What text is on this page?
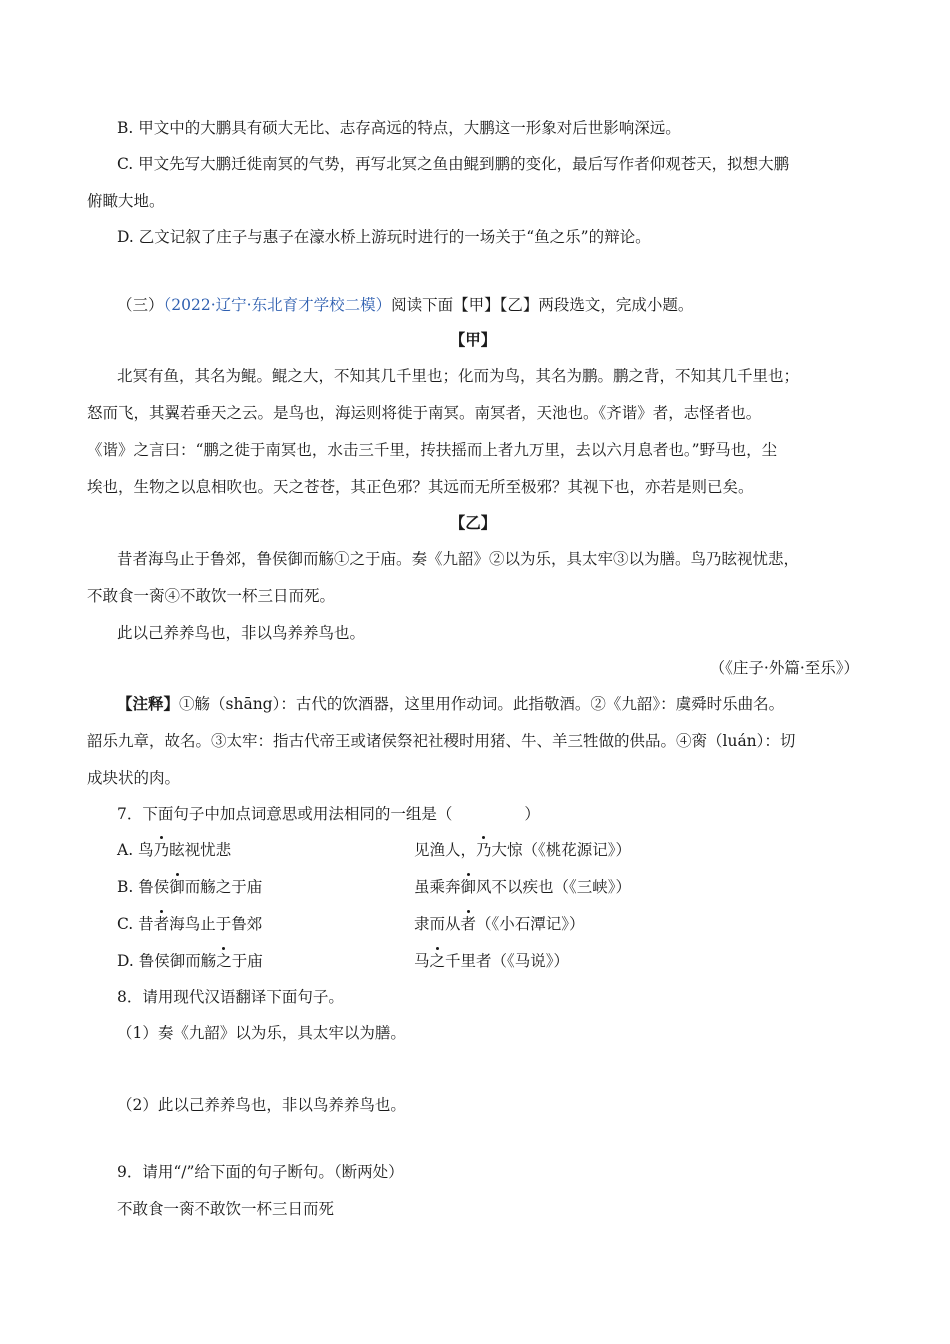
B. 甲文中的大鹏具有硕大无比、志存高远的特点，大鹏这一形象对后世影响深远。
C. 甲文先写大鹏迁徙南冥的气势，再写北冥之鱼由鲲到鹏的变化，最后写作者仰观苍天，拟想大鹏
俯瞰大地。
D. 乙文记叙了庄子与惠子在濠水桥上游玩时进行的一场关于“鱼之乐”的辩论。
（三）（2022·辽宁·东北育才学校二模）阅读下面【甲】【乙】两段选文，完成小题。
【甲】
北冥有鱼，其名为鲲。鲲之大，不知其几千里也；化而为鸟，其名为鹏。鹏之背，不知其几千里也；
怒而飞，其翼若垂天之云。是鸟也，海运则将徙于南冥。南冥者，天池也。《齐谐》者，志怪者也。
《谐》之言曰：“鹏之徙于南冥也，水击三千里，抟扶摇而上者九万里，去以六月息者也。”野马也，尘
埃也，生物之以息相吹也。天之苍苍，其正色邪？其远而无所至极邪？其视下也，亦若是则已矣。
【乙】
昔者海鸟止于鲁郊，鲁侯御而觞①之于庙。奏《九韶》②以为乐，具太牢③以为膳。鸟乃眩视忧悲，
不敢食一脔④不敢饮一杯三日而死。
此以己养养鸟也，非以鸟养养鸟也。
（《庄子·外篇·至乐》）
【注释】①觞（shāng）：古代的饮酒器，这里用作动词。此指敬酒。②《九韶》：虞舜时乐曲名。
韶乐九章，故名。③太牢：指古代帝王或诸侯祭祀社稷时用猪、牛、羊三牲做的供品。④脔（luán）：切
成块状的肉。
7．下面句子中加点词意思或用法相同的一组是（	）
A. 鸟乃眩视忧悲	见渔人，乃大惊（《桃花源记》）
B. 鲁侯御而觞之于庙	虽乘奔御风不以疾也（《三峡》）
C. 昔者海鸟止于鲁郊	隶而从者（《小石潭记》）
D. 鲁侯御而觞之于庙	马之千里者（《马说》）
8．请用现代汉语翻译下面句子。
（1）奏《九韶》以为乐，具太牢以为膳。
（2）此以己养养鸟也，非以鸟养养鸟也。
9．请用“/”给下面的句子断句。（断两处）
不敢食一脔不敢饮一杯三日而死
